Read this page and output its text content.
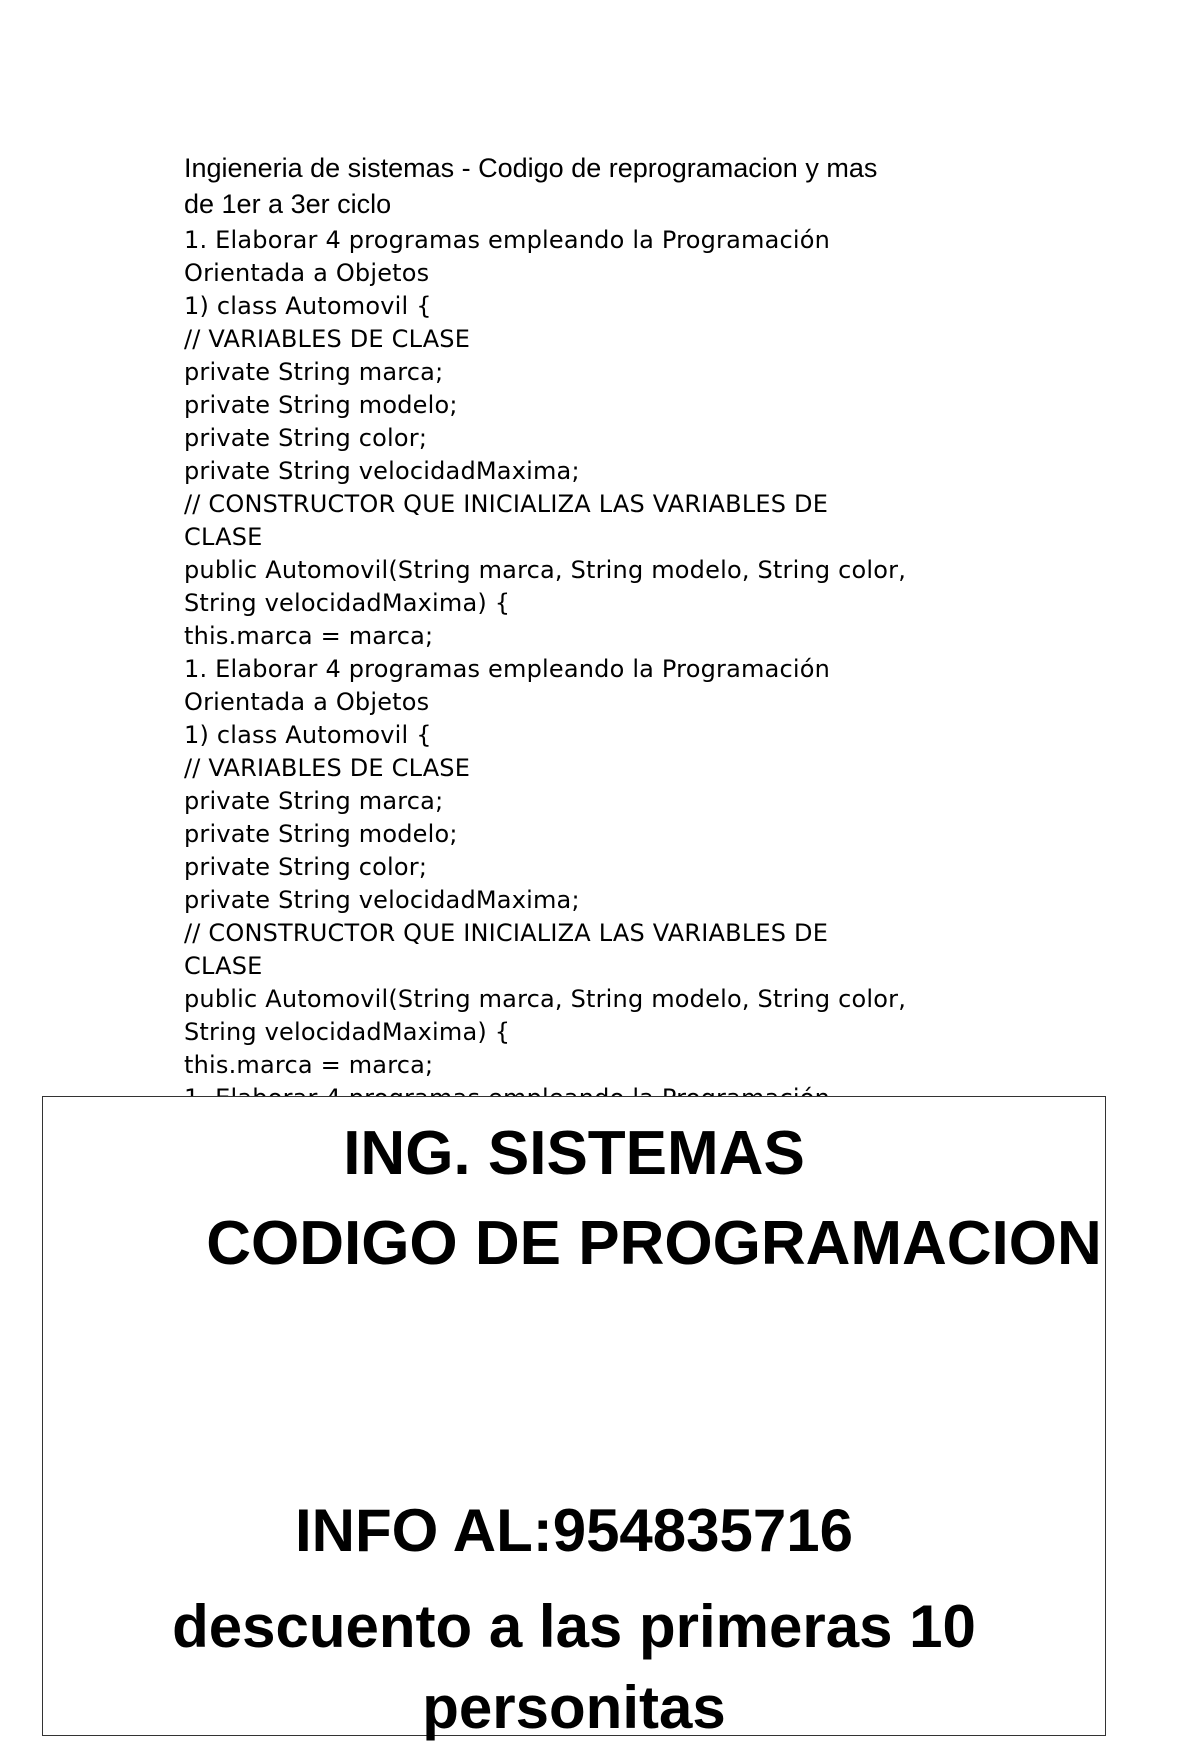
Ingieneria de sistemas - Codigo de reprogramacion y mas
de 1er a 3er ciclo
1. Elaborar 4 programas empleando la Programación
Orientada a Objetos
1) class Automovil {
// VARIABLES DE CLASE
private String marca;
private String modelo;
private String color;
private String velocidadMaxima;
// CONSTRUCTOR QUE INICIALIZA LAS VARIABLES DE
CLASE
public Automovil(String marca, String modelo, String color,
String velocidadMaxima) {
this.marca = marca;
1. Elaborar 4 programas empleando la Programación
Orientada a Objetos
1) class Automovil {
// VARIABLES DE CLASE
private String marca;
private String modelo;
private String color;
private String velocidadMaxima;
// CONSTRUCTOR QUE INICIALIZA LAS VARIABLES DE
CLASE
public Automovil(String marca, String modelo, String color,
String velocidadMaxima) {
this.marca = marca;
ING. SISTEMAS
CODIGO DE PROGRAMACION
INFO AL:954835716
descuento a las primeras 10
personitas
